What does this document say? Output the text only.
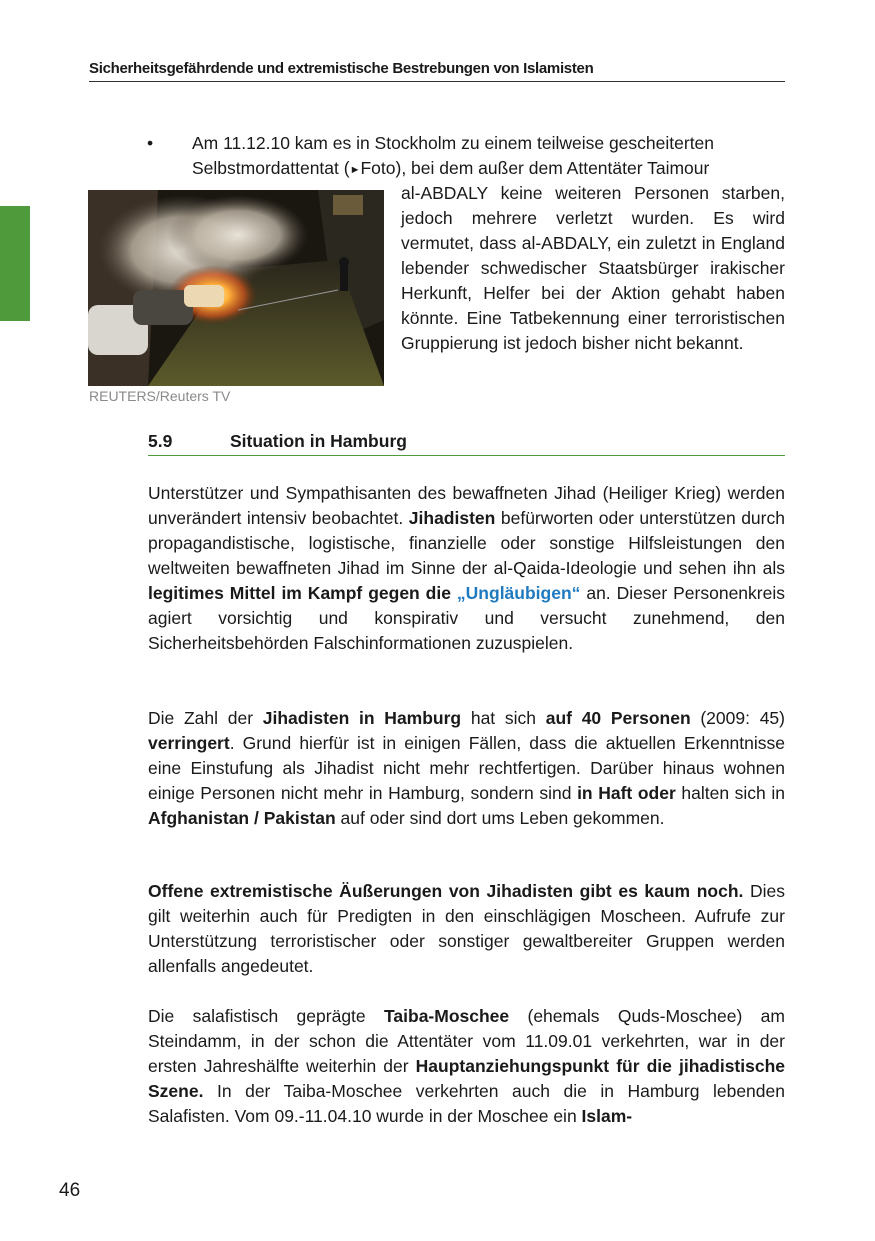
Sicherheitsgefährdende und extremistische Bestrebungen von Islamisten
• Am 11.12.10 kam es in Stockholm zu einem teilweise gescheiterten
Selbstmordattentat (►Foto), bei dem außer dem Attentäter Taimour
REUTERS/Reuters TV
al-ABDALY keine weiteren Personen starben, jedoch mehrere verletzt wurden. Es wird vermutet, dass al-ABDALY, ein zuletzt in England lebender schwedischer Staatsbürger irakischer Herkunft, Helfer bei der Aktion gehabt haben könnte. Eine Tatbekennung einer terroristischen Gruppierung ist jedoch bisher nicht bekannt.
5.9	Situation in Hamburg

Unterstützer und Sympathisanten des bewaffneten Jihad (Heiliger Krieg) werden unverändert intensiv beobachtet. Jihadisten befürworten oder unterstützen durch propagandistische, logistische, finanzielle oder sonstige Hilfsleistungen den weltweiten bewaffneten Jihad im Sinne der al-Qaida-Ideologie und sehen ihn als legitimes Mittel im Kampf gegen die „Ungläubigen“ an. Dieser Personenkreis agiert vorsichtig und konspirativ und versucht zunehmend, den Sicherheitsbehörden Falschinformationen zuzuspielen.

Die Zahl der Jihadisten in Hamburg hat sich auf 40 Personen (2009: 45) verringert. Grund hierfür ist in einigen Fällen, dass die aktuellen Erkenntnisse eine Einstufung als Jihadist nicht mehr rechtfertigen. Darüber hinaus wohnen einige Personen nicht mehr in Hamburg, sondern sind in Haft oder halten sich in Afghanistan / Pakistan auf oder sind dort ums Leben gekommen.

Offene extremistische Äußerungen von Jihadisten gibt es kaum noch. Dies gilt weiterhin auch für Predigten in den einschlägigen Moscheen. Aufrufe zur Unterstützung terroristischer oder sonstiger gewaltbereiter Gruppen werden allenfalls angedeutet.

Die salafistisch geprägte Taiba-Moschee (ehemals Quds-Moschee) am Steindamm, in der schon die Attentäter vom 11.09.01 verkehrten, war in der ersten Jahreshälfte weiterhin der Hauptanziehungspunkt für die jihadistische Szene. In der Taiba-Moschee verkehrten auch die in Hamburg lebenden Salafisten. Vom 09.-11.04.10 wurde in der Moschee ein Islam-

46
